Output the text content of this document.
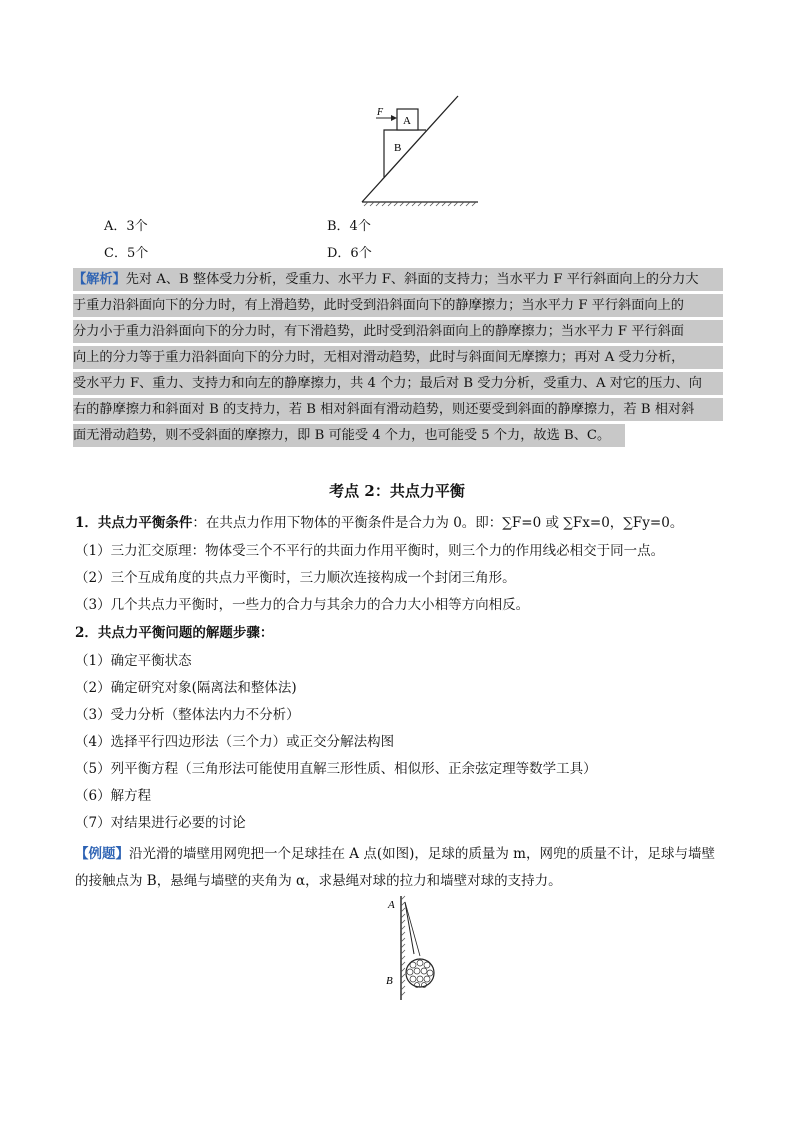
F
A
B
A．3个	B．4个
C．5个	D．6个
【解析】先对 A、B 整体受力分析，受重力、水平力 F、斜面的支持力；当水平力 F 平行斜面向上的分力大
于重力沿斜面向下的分力时，有上滑趋势，此时受到沿斜面向下的静摩擦力；当水平力 F 平行斜面向上的
分力小于重力沿斜面向下的分力时，有下滑趋势，此时受到沿斜面向上的静摩擦力；当水平力 F 平行斜面
向上的分力等于重力沿斜面向下的分力时，无相对滑动趋势，此时与斜面间无摩擦力；再对 A 受力分析，
受水平力 F、重力、支持力和向左的静摩擦力，共 4 个力；最后对 B 受力分析，受重力、A 对它的压力、向
右的静摩擦力和斜面对 B 的支持力，若 B 相对斜面有滑动趋势，则还要受到斜面的静摩擦力，若 B 相对斜
面无滑动趋势，则不受斜面的摩擦力，即 B 可能受 4 个力，也可能受 5 个力，故选 B、C。
考点 2：共点力平衡
1．共点力平衡条件：在共点力作用下物体的平衡条件是合力为 0。即：∑F=0 或 ∑Fx=0，∑Fy=0。
（1）三力汇交原理：物体受三个不平行的共面力作用平衡时，则三个力的作用线必相交于同一点。
（2）三个互成角度的共点力平衡时，三力顺次连接构成一个封闭三角形。
（3）几个共点力平衡时，一些力的合力与其余力的合力大小相等方向相反。
2．共点力平衡问题的解题步骤：
（1）确定平衡状态
（2）确定研究对象(隔离法和整体法)
（3）受力分析（整体法内力不分析）
（4）选择平行四边形法（三个力）或正交分解法构图
（5）列平衡方程（三角形法可能使用直解三形性质、相似形、正余弦定理等数学工具）
（6）解方程
（7）对结果进行必要的讨论
【例题】沿光滑的墙壁用网兜把一个足球挂在 A 点(如图)，足球的质量为 m，网兜的质量不计，足球与墙壁
的接触点为 B，悬绳与墙壁的夹角为 α，求悬绳对球的拉力和墙壁对球的支持力。
A
B
